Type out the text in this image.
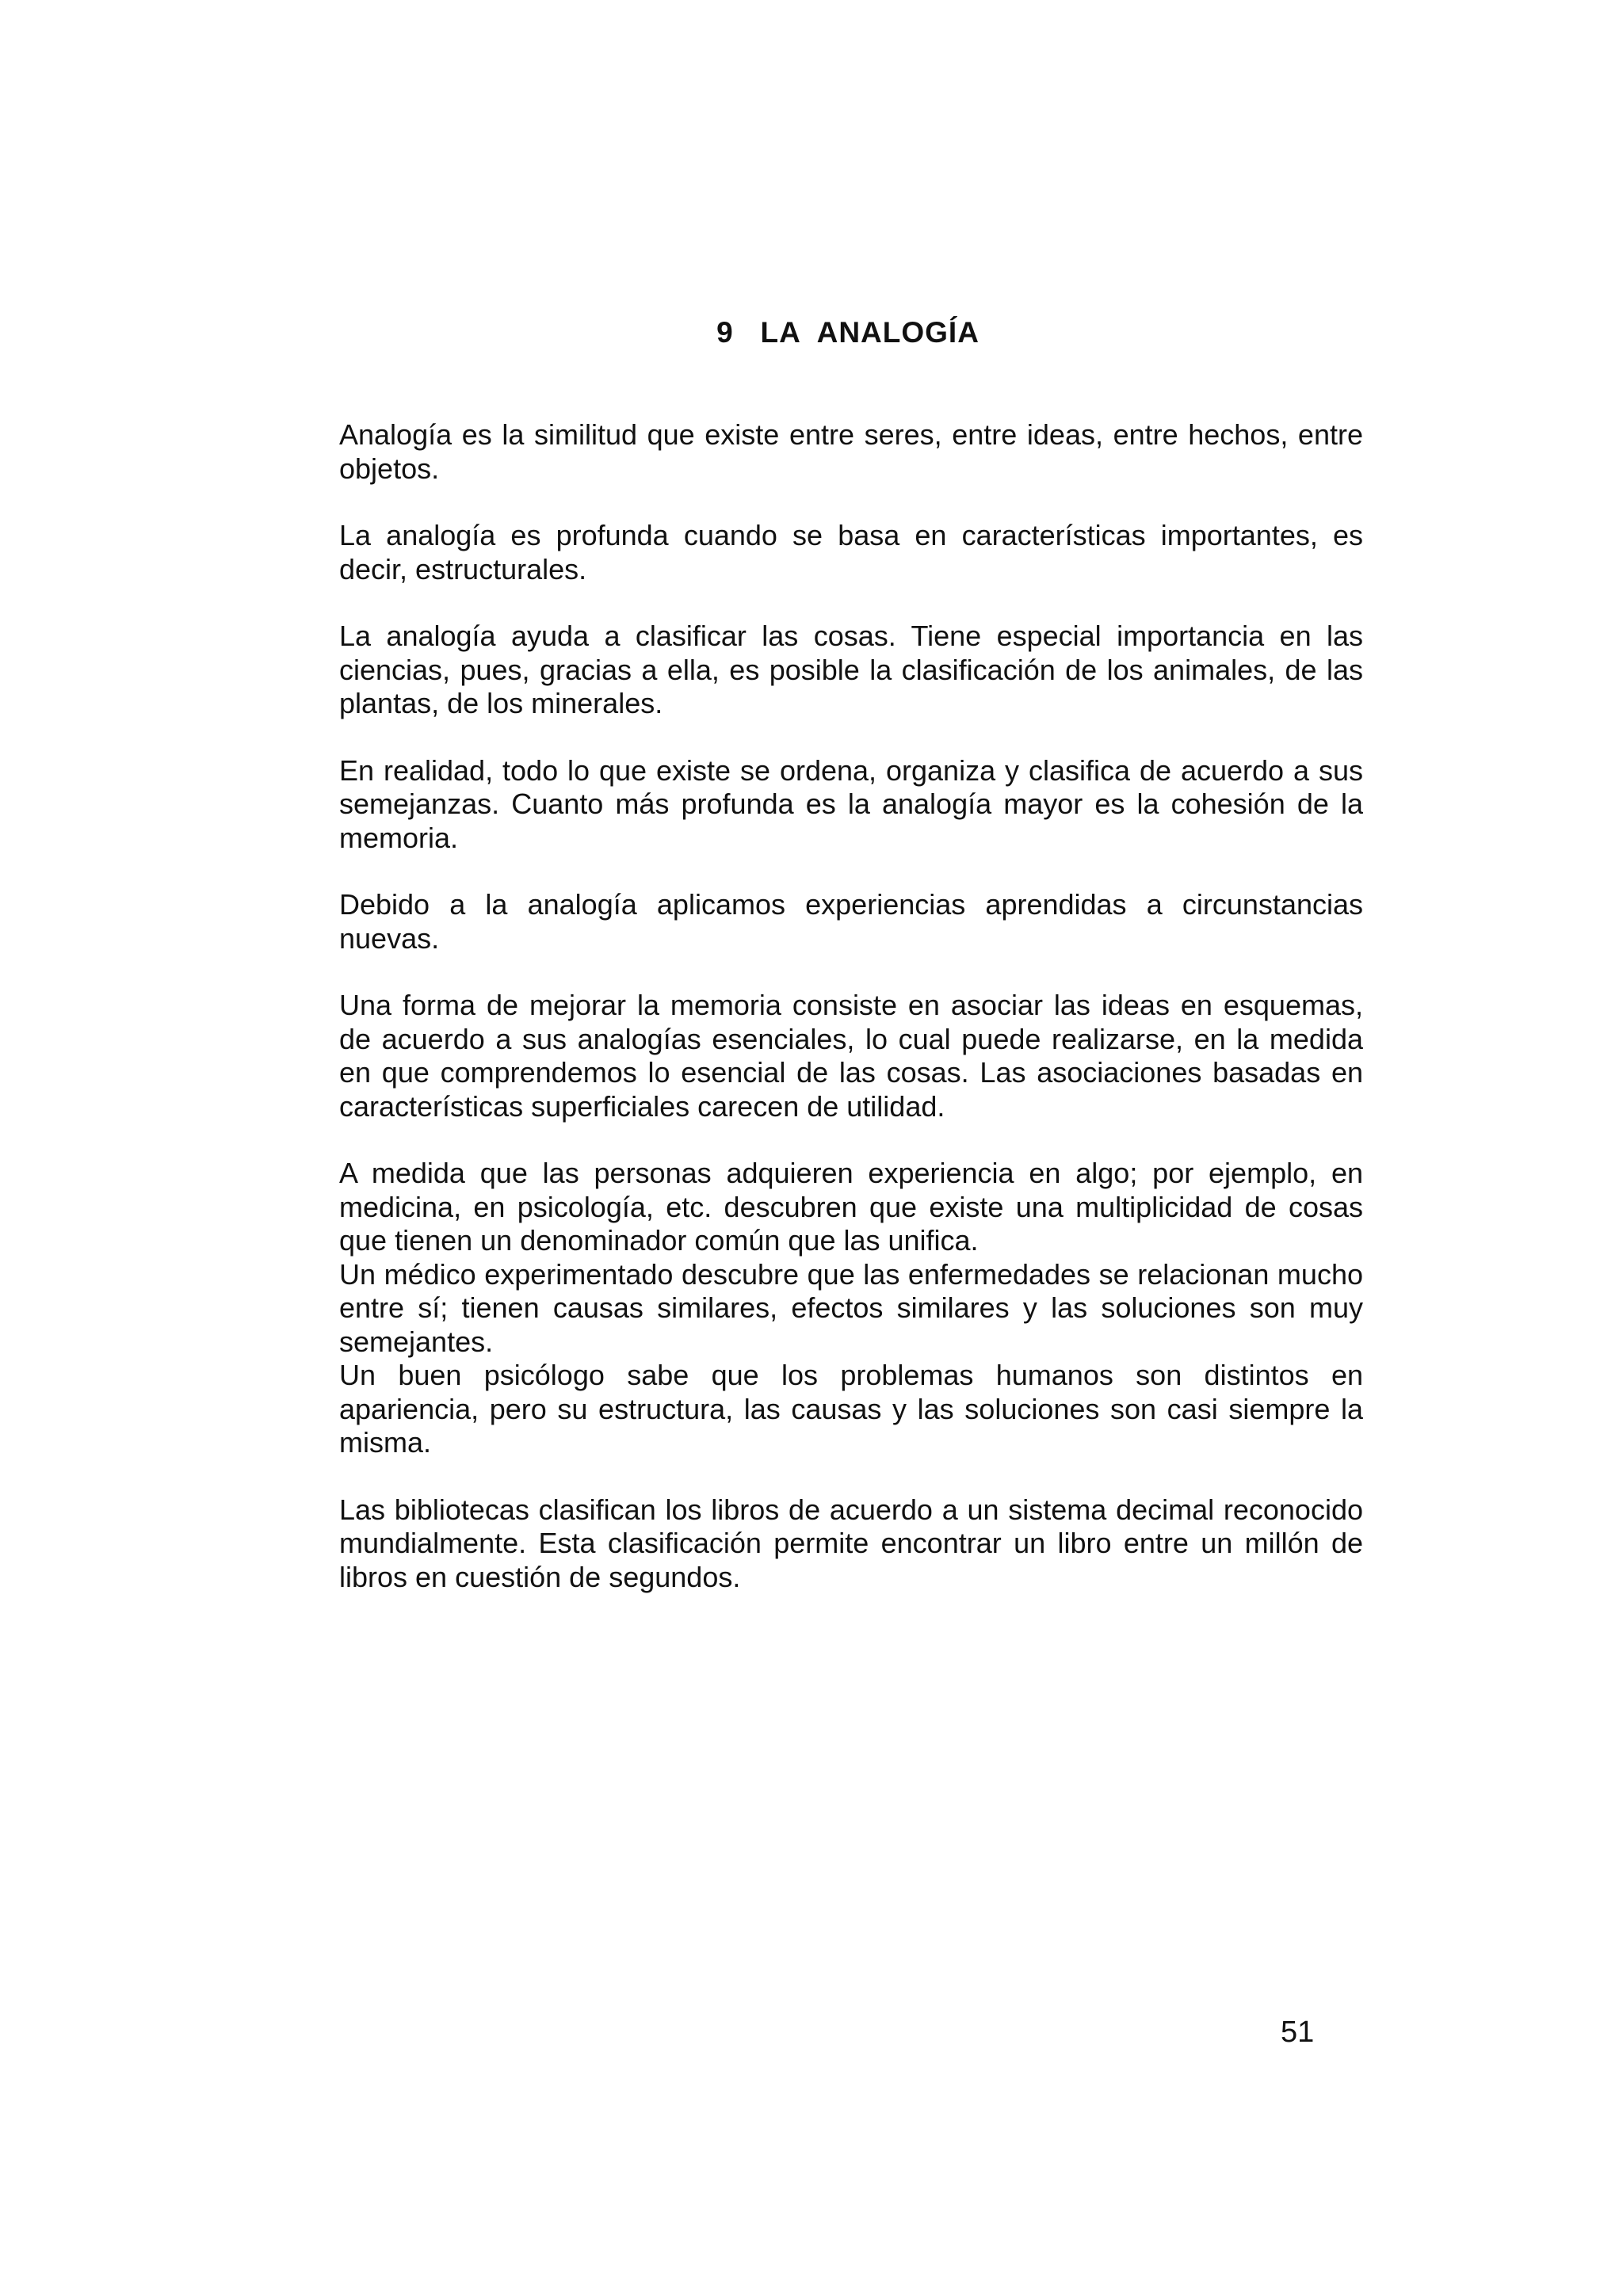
9   LA  ANALOGÍA

Analogía es la similitud que existe entre seres, entre ideas, entre hechos, entre objetos.

La analogía es profunda cuando se basa en características importantes, es decir, estructurales.

La analogía ayuda a clasificar las cosas. Tiene especial importancia en las ciencias, pues, gracias a ella, es posible la clasificación de los animales, de las plantas, de los minerales.

En realidad, todo lo que existe se ordena, organiza y clasifica de acuerdo a sus semejanzas. Cuanto más profunda es la analogía mayor es la cohesión de la memoria.

Debido a la analogía aplicamos experiencias aprendidas a circunstancias nuevas.

Una forma de mejorar la memoria consiste en asociar las ideas en esquemas, de acuerdo a sus analogías esenciales, lo cual puede realizarse, en la medida en que comprendemos lo esencial de las cosas. Las asociaciones basadas en características superficiales carecen de utilidad.

A medida que las personas adquieren experiencia en algo; por ejemplo, en medicina, en psicología, etc. descubren que existe una multiplicidad de cosas que tienen un denominador común que las unifica.

Un médico experimentado descubre que las enfermedades se relacionan mucho entre sí; tienen causas similares, efectos similares y las soluciones son muy semejantes.

Un buen psicólogo sabe que los problemas humanos son distintos en apariencia, pero su estructura, las causas y las soluciones son casi siempre la misma.

Las bibliotecas clasifican los libros de acuerdo a un sistema decimal reconocido mundialmente. Esta clasificación permite encontrar un libro entre un millón de libros en cuestión de segundos.

51
